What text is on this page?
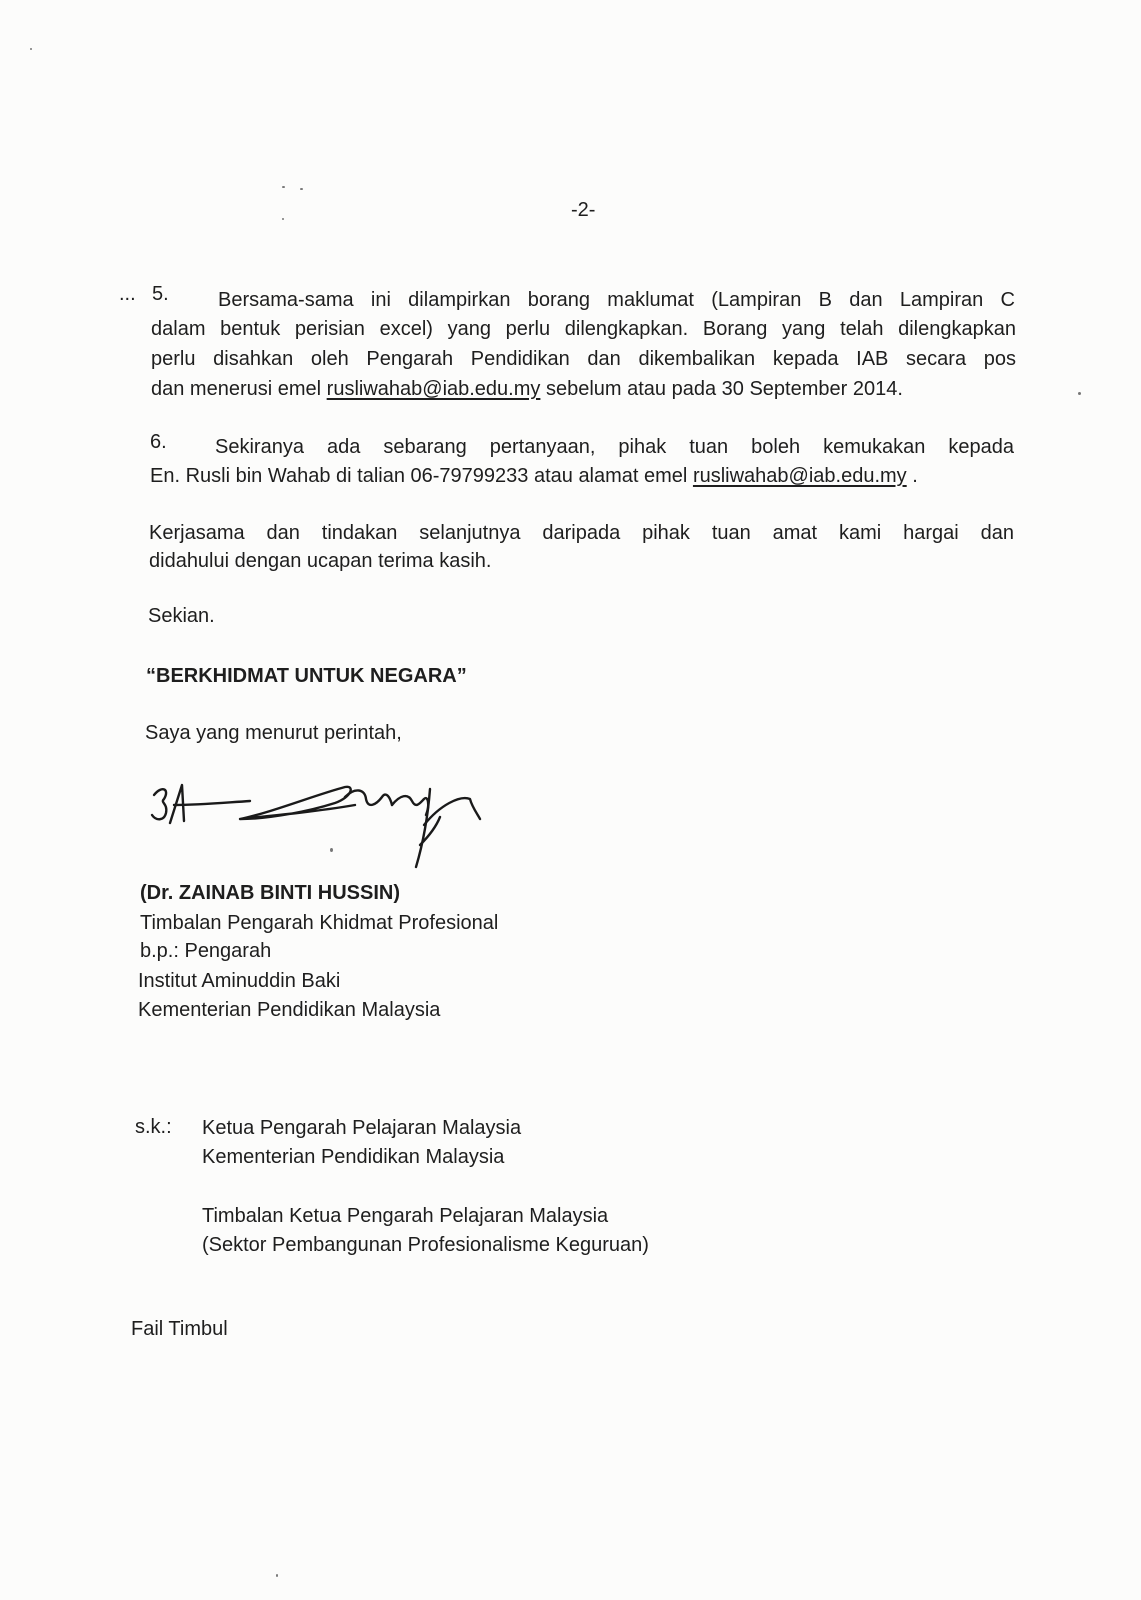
-2-
... 5. Bersama-sama ini dilampirkan borang maklumat (Lampiran B dan Lampiran C
dalam bentuk perisian excel) yang perlu dilengkapkan. Borang yang telah dilengkapkan
perlu disahkan oleh Pengarah Pendidikan dan dikembalikan kepada IAB secara pos
dan menerusi emel rusliwahab@iab.edu.my sebelum atau pada 30 September 2014.
6. Sekiranya ada sebarang pertanyaan, pihak tuan boleh kemukakan kepada
En. Rusli bin Wahab di talian 06-79799233 atau alamat emel rusliwahab@iab.edu.my .
Kerjasama dan tindakan selanjutnya daripada pihak tuan amat kami hargai dan
didahului dengan ucapan terima kasih.
Sekian.
“BERKHIDMAT UNTUK NEGARA”
Saya yang menurut perintah,
(Dr. ZAINAB BINTI HUSSIN)
Timbalan Pengarah Khidmat Profesional
b.p.: Pengarah
Institut Aminuddin Baki
Kementerian Pendidikan Malaysia
s.k.: Ketua Pengarah Pelajaran Malaysia
Kementerian Pendidikan Malaysia
Timbalan Ketua Pengarah Pelajaran Malaysia
(Sektor Pembangunan Profesionalisme Keguruan)
Fail Timbul
